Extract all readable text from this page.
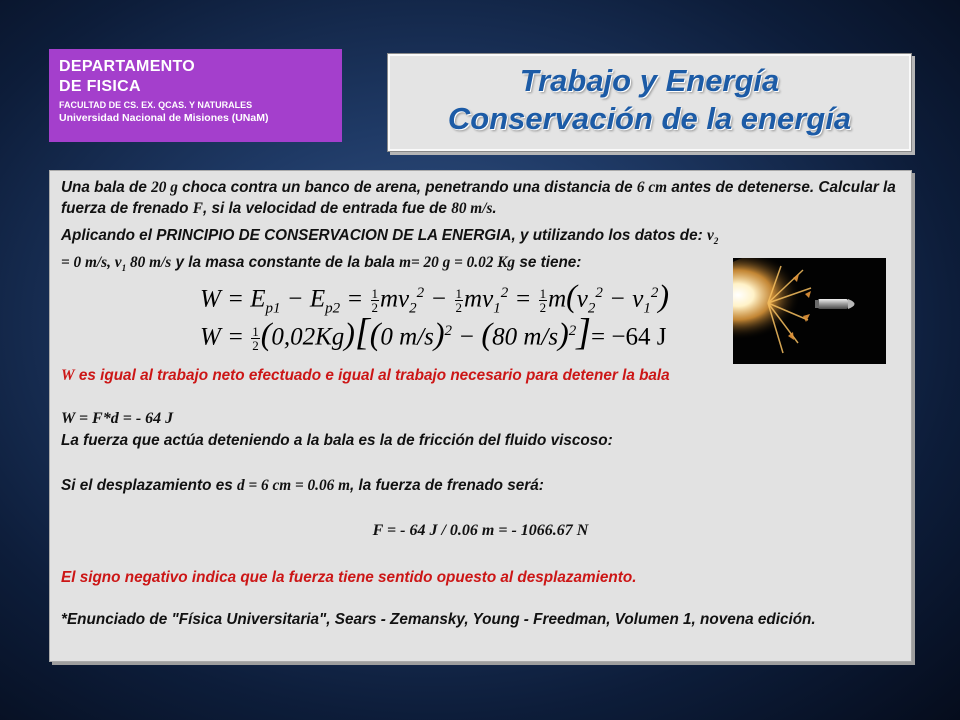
DEPARTAMENTO
DE FISICA
FACULTAD DE CS. EX. QCAS. Y NATURALES
Universidad Nacional de Misiones (UNaM)
Trabajo y Energía
Conservación de la energía

Una bala de 20 g choca contra un banco de arena, penetrando una distancia de 6 cm antes de detenerse. Calcular la fuerza de frenado F, si la velocidad de entrada fue de 80 m/s.

Aplicando el PRINCIPIO DE CONSERVACION DE LA ENERGIA, y utilizando los datos de: $v_2 = 0$ m/s, $v_1$ 80 m/s y la masa constante de la bala m= 20 g = 0.02 Kg se tiene:

$W = E_{p1} - E_{p2} = \frac{1}{2} mv_2^2 - \frac{1}{2} mv_1^2 = \frac{1}{2} m(v_2^2 - v_1^2)$
$W = \frac{1}{2} (0,02Kg)[(0$ m/s)$^2$ − (80 m/s)$^2$]= −64 J

W es igual al trabajo neto efectuado e igual al trabajo necesario para detener la bala

W = F*d = - 64 J

La fuerza que actúa deteniendo a la bala es la de fricción del fluido viscoso:

Si el desplazamiento es d = 6 cm = 0.06 m, la fuerza de frenado será:

F = - 64 J / 0.06 m = - 1066.67 N

El signo negativo indica que la fuerza tiene sentido opuesto al desplazamiento.

*Enunciado de "Física Universitaria", Sears - Zemansky, Young - Freedman, Volumen 1, novena edición.
